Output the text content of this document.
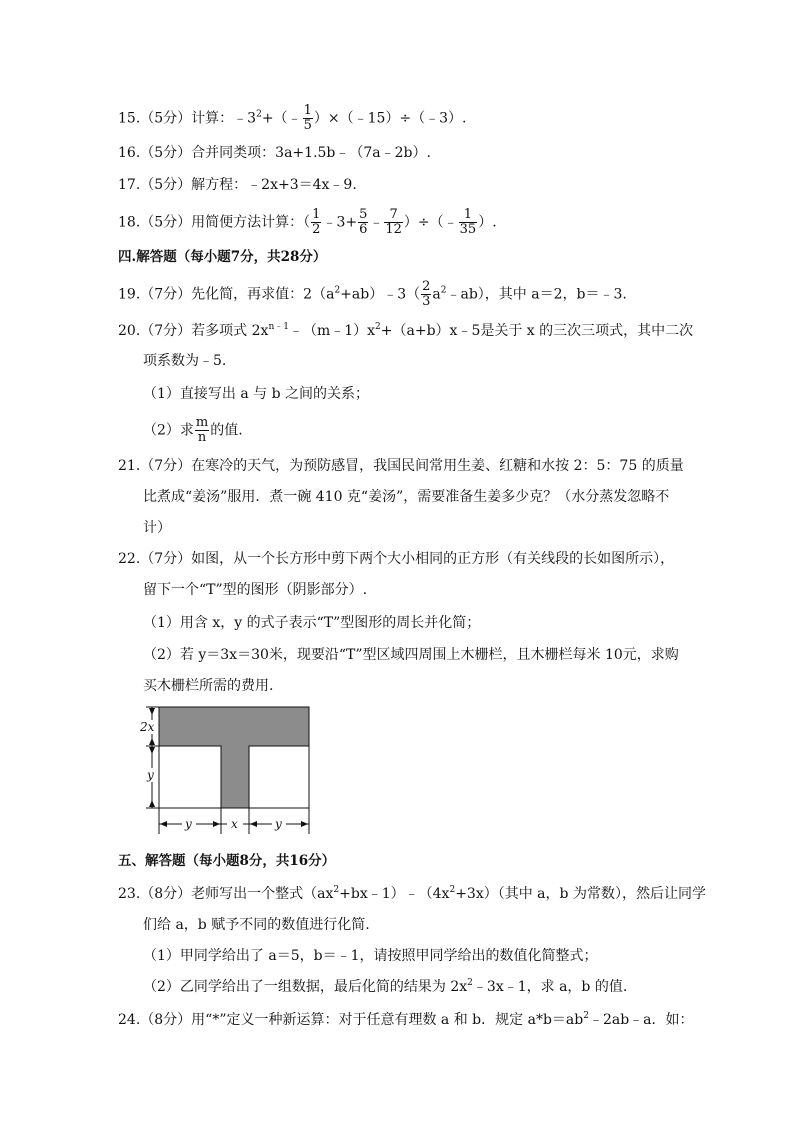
15.（5分）计算：$﹣3^2+(﹣ \frac{1}{5}$ ）×（﹣15）÷（﹣3）.
16.（5分）合并同类项：3a+1.5b﹣（7a﹣2b）.
17.（5分）解方程：﹣2x+3＝4x﹣9.
18.（5分）用简便方法计算：（ $\frac{1}{2}$ ﹣3+ $\frac{5}{6}$ ﹣ $\frac{7}{12}$ ）÷（﹣ $\frac{1}{35}$ ）.
四.解答题（每小题7分，共28分）
19.（7分）先化简，再求值：$2(a^2+ab)﹣3( \frac{2}{3}$ $a^2﹣ab$），其中 a＝2，b＝﹣3.
20.（7分）若多项式 $2x^{n﹣1}﹣(m﹣1)x^2+(a+b)x﹣5$是关于 x 的三次三项式，其中二次
项系数为﹣5.
（1）直接写出 a 与 b 之间的关系；
（2）求 $\frac{m}{n}$ 的值.
21.（7分）在寒冷的天气，为预防感冒，我国民间常用生姜、红糖和水按 2：5：75 的质量
比煮成“姜汤”服用．煮一碗 410 克“姜汤”，需要准备生姜多少克？（水分蒸发忽略不
计）
22.（7分）如图，从一个长方形中剪下两个大小相同的正方形（有关线段的长如图所示），
留下一个“T”型的图形（阴影部分）.
（1）用含 x，y 的式子表示“T”型图形的周长并化简；
（2）若 y＝3x＝30米，现要沿“T”型区域四周围上木栅栏，且木栅栏每米 10元，求购
买木栅栏所需的费用.
2x
y
y	x	y
五、解答题（每小题8分，共16分）
23.（8分）老师写出一个整式$(ax^2+bx﹣1)﹣(4x^2+3x)$（其中 a，b 为常数），然后让同学
们给 a，b 赋予不同的数值进行化简.
（1）甲同学给出了 a＝5，b＝﹣1，请按照甲同学给出的数值化简整式；
（2）乙同学给出了一组数据，最后化简的结果为 $2x^2﹣3x﹣1$，求 a，b 的值.
24.（8分）用“*”定义一种新运算：对于任意有理数 a 和 b．规定 $a*b=ab^2﹣2ab﹣a$．如：
